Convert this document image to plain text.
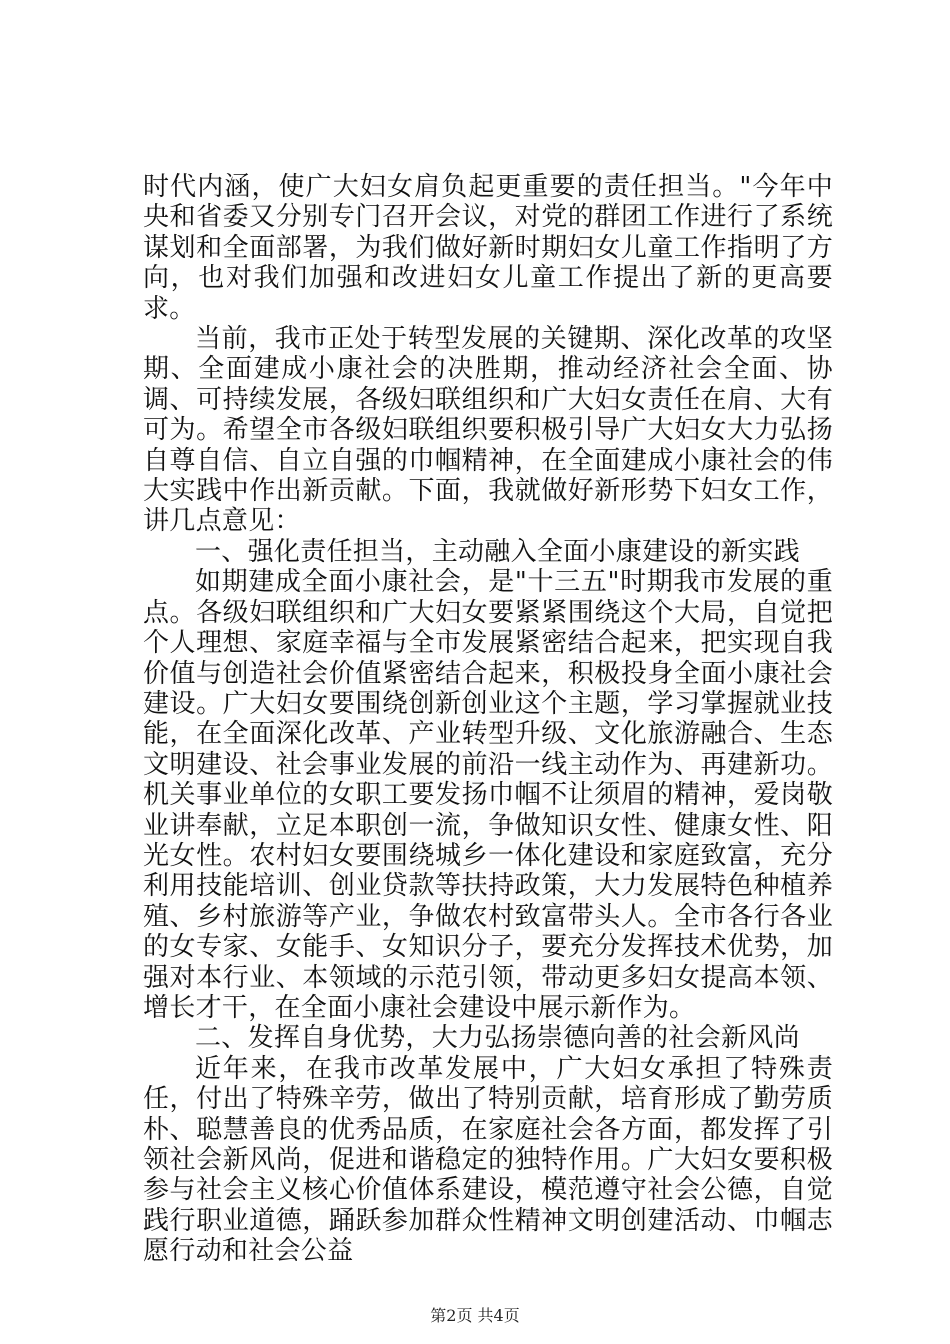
时代内涵，使广大妇女肩负起更重要的责任担当。"今年中央和省委又分别专门召开会议，对党的群团工作进行了系统谋划和全面部署，为我们做好新时期妇女儿童工作指明了方向，也对我们加强和改进妇女儿童工作提出了新的更高要求。

当前，我市正处于转型发展的关键期、深化改革的攻坚期、全面建成小康社会的决胜期，推动经济社会全面、协调、可持续发展，各级妇联组织和广大妇女责任在肩、大有可为。希望全市各级妇联组织要积极引导广大妇女大力弘扬自尊自信、自立自强的巾帼精神，在全面建成小康社会的伟大实践中作出新贡献。下面，我就做好新形势下妇女工作，讲几点意见：

一、强化责任担当，主动融入全面小康建设的新实践

如期建成全面小康社会，是"十三五"时期我市发展的重点。各级妇联组织和广大妇女要紧紧围绕这个大局，自觉把个人理想、家庭幸福与全市发展紧密结合起来，把实现自我价值与创造社会价值紧密结合起来，积极投身全面小康社会建设。广大妇女要围绕创新创业这个主题，学习掌握就业技能，在全面深化改革、产业转型升级、文化旅游融合、生态文明建设、社会事业发展的前沿一线主动作为、再建新功。机关事业单位的女职工要发扬巾帼不让须眉的精神，爱岗敬业讲奉献，立足本职创一流，争做知识女性、健康女性、阳光女性。农村妇女要围绕城乡一体化建设和家庭致富，充分利用技能培训、创业贷款等扶持政策，大力发展特色种植养殖、乡村旅游等产业，争做农村致富带头人。全市各行各业的女专家、女能手、女知识分子，要充分发挥技术优势，加强对本行业、本领域的示范引领，带动更多妇女提高本领、增长才干，在全面小康社会建设中展示新作为。

二、发挥自身优势，大力弘扬崇德向善的社会新风尚

近年来，在我市改革发展中，广大妇女承担了特殊责任，付出了特殊辛劳，做出了特别贡献，培育形成了勤劳质朴、聪慧善良的优秀品质，在家庭社会各方面，都发挥了引领社会新风尚，促进和谐稳定的独特作用。广大妇女要积极参与社会主义核心价值体系建设，模范遵守社会公德，自觉践行职业道德，踊跃参加群众性精神文明创建活动、巾帼志愿行动和社会公益

第2页 共4页
